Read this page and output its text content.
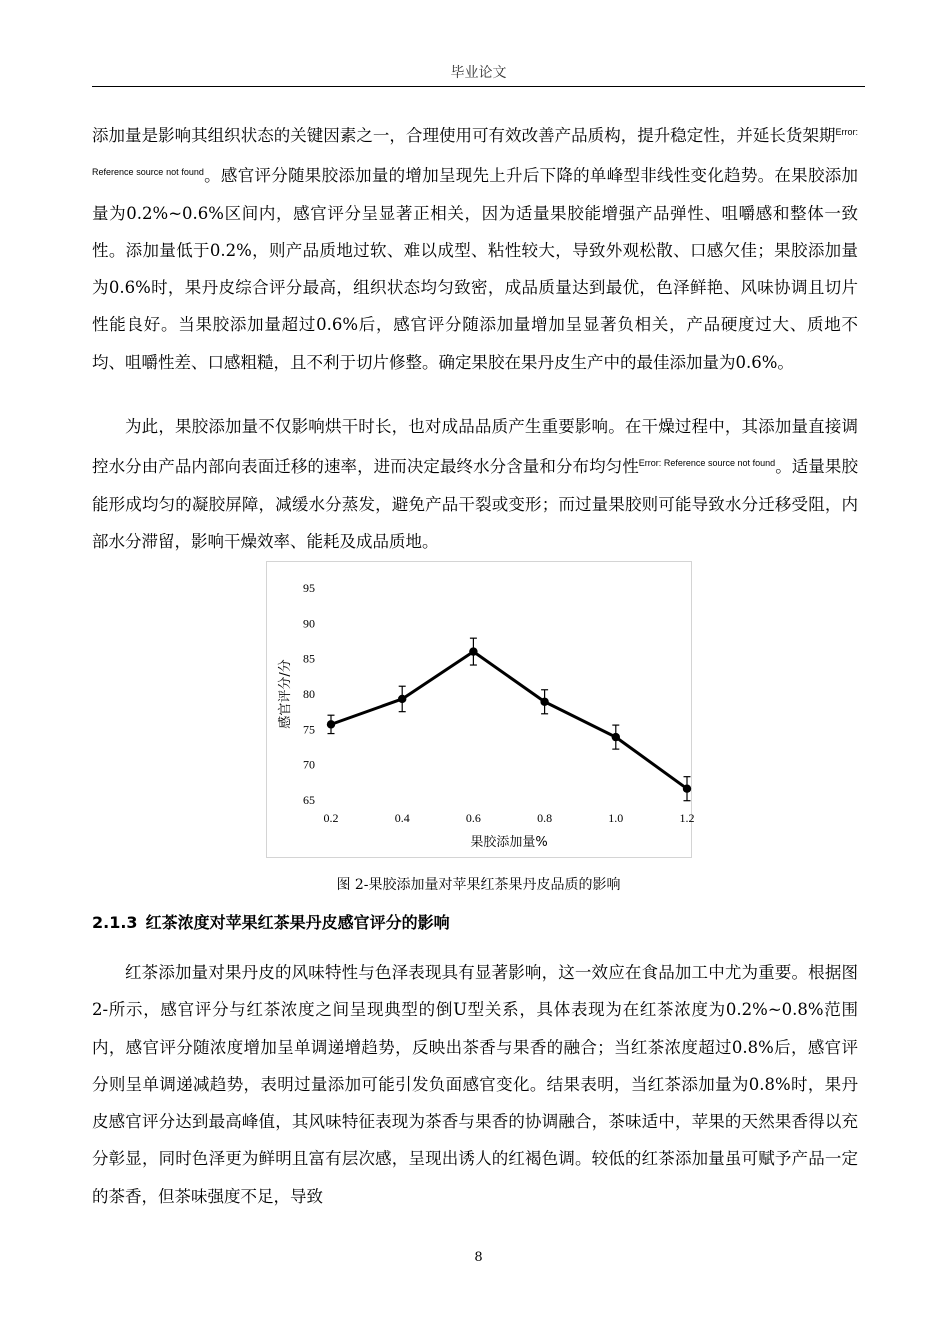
毕业论文

添加量是影响其组织状态的关键因素之一，合理使用可有效改善产品质构，提升稳定性，并延长货架期$^{Error: Reference source not found}$。感官评分随果胶添加量的增加呈现先上升后下降的单峰型非线性变化趋势。在果胶添加量为0.2%~0.6%区间内，感官评分呈显著正相关，因为适量果胶能增强产品弹性、咀嚼感和整体一致性。添加量低于0.2%，则产品质地过软、难以成型、粘性较大，导致外观松散、口感欠佳；果胶添加量为0.6%时，果丹皮综合评分最高，组织状态均匀致密，成品质量达到最优，色泽鲜艳、风味协调且切片性能良好。当果胶添加量超过0.6%后，感官评分随添加量增加呈显著负相关，产品硬度过大、质地不均、咀嚼性差、口感粗糙，且不利于切片修整。确定果胶在果丹皮生产中的最佳添加量为0.6%。

为此，果胶添加量不仅影响烘干时长，也对成品品质产生重要影响。在干燥过程中，其添加量直接调控水分由产品内部向表面迁移的速率，进而决定最终水分含量和分布均匀性$^{Error: Reference source not found}$。适量果胶能形成均匀的凝胶屏障，减缓水分蒸发，避免产品干裂或变形；而过量果胶则可能导致水分迁移受阻，内部水分滞留，影响干燥效率、能耗及成品质地。

65
70
75
80
85
90
95
0.2	0.4	0.6	0.8	1.0	1.2
果胶添加量%
感官评分/分
图 2-果胶添加量对苹果红茶果丹皮品质的影响
2.1.3 红茶浓度对苹果红茶果丹皮感官评分的影响

红茶添加量对果丹皮的风味特性与色泽表现具有显著影响，这一效应在食品加工中尤为重要。根据图2-所示，感官评分与红茶浓度之间呈现典型的倒U型关系，具体表现为在红茶浓度为0.2%~0.8%范围内，感官评分随浓度增加呈单调递增趋势，反映出茶香与果香的融合；当红茶浓度超过0.8%后，感官评分则呈单调递减趋势，表明过量添加可能引发负面感官变化。结果表明，当红茶添加量为0.8%时，果丹皮感官评分达到最高峰值，其风味特征表现为茶香与果香的协调融合，茶味适中，苹果的天然果香得以充分彰显，同时色泽更为鲜明且富有层次感，呈现出诱人的红褐色调。较低的红茶添加量虽可赋予产品一定的茶香，但茶味强度不足，导致

8
